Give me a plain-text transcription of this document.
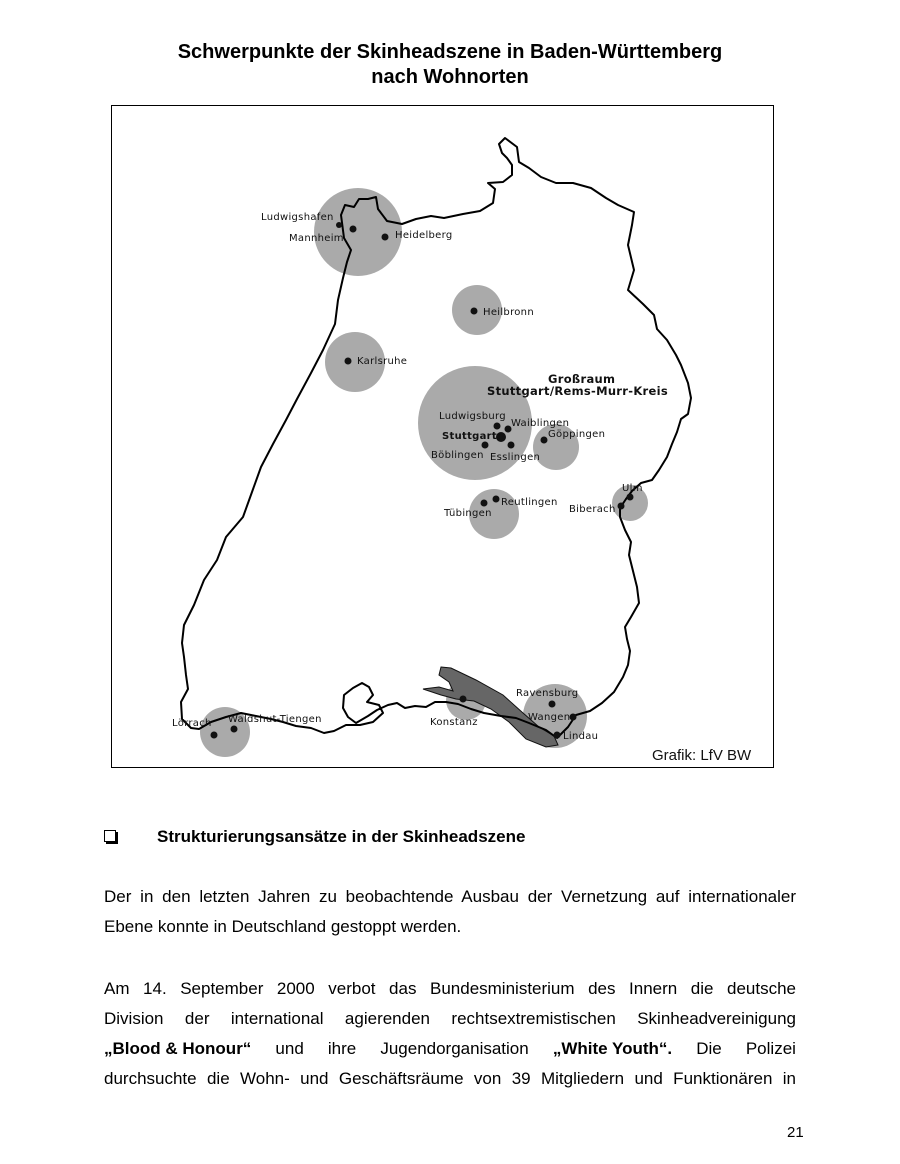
Schwerpunkte der Skinheadszene in Baden-Württemberg
nach Wohnorten
Ludwigshafen
Mannheim	Heidelberg
Heilbronn
Karlsruhe
Großraum
Stuttgart/Rems-Murr-Kreis
Ludwigsburg
Waiblingen
Stuttgart	Göppingen
Böblingen Esslingen
Reutlingen
Tübingen
Ulm
Biberach
Ravensburg
Wangen
Lindau
Konstanz
Lörrach Waldshut-Tiengen
Grafik: LfV BW
Strukturierungsansätze in der Skinheadszene
Der in den letzten Jahren zu beobachtende Ausbau der Vernetzung auf internationaler
Ebene konnte in Deutschland gestoppt werden.
Am 14. September 2000 verbot das Bundesministerium des Innern die deutsche
Division der international agierenden rechtsextremistischen Skinheadvereinigung
„Blood & Honour“ und ihre Jugendorganisation „White Youth“. Die Polizei
durchsuchte die Wohn- und Geschäftsräume von 39 Mitgliedern und Funktionären in
21
